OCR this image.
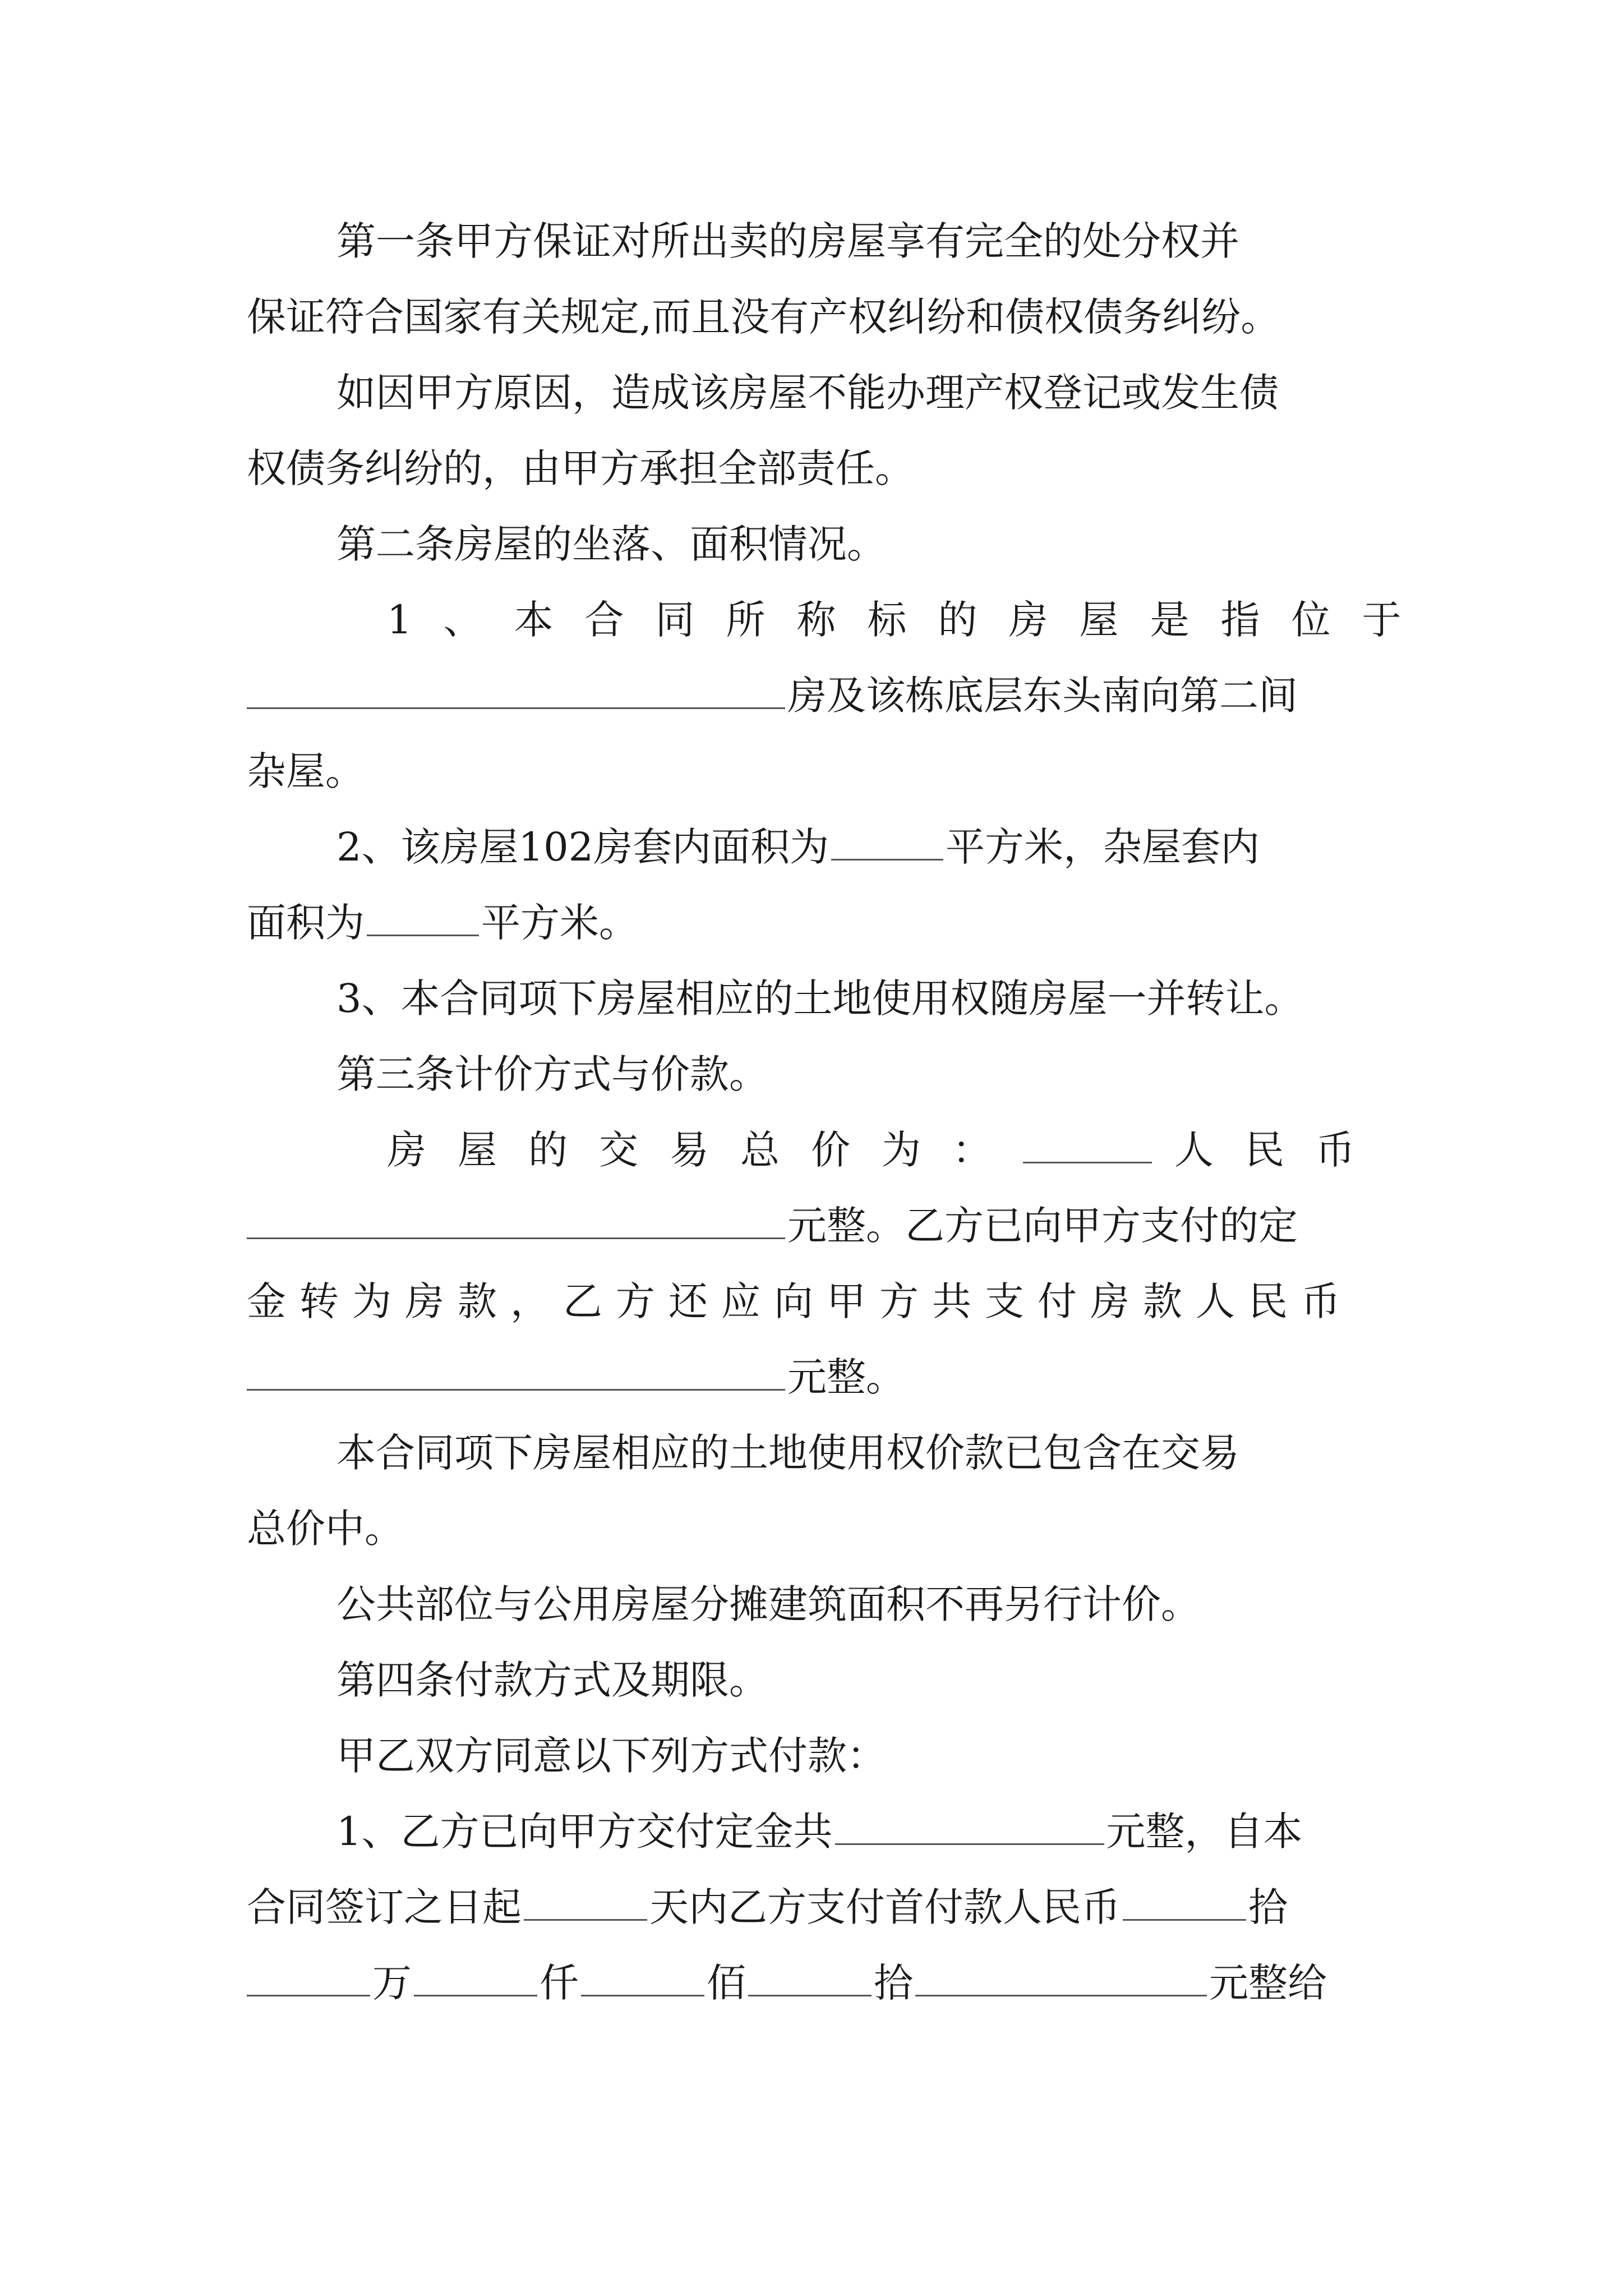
第一条甲方保证对所出卖的房屋享有完全的处分权并
保证符合国家有关规定,而且没有产权纠纷和债权债务纠纷。
如因甲方原因，造成该房屋不能办理产权登记或发生债
权债务纠纷的，由甲方承担全部责任。
第二条房屋的坐落、面积情况。
1、本合同所称标的房屋是指位于
房及该栋底层东头南向第二间
杂屋。
2、该房屋102房套内面积为	平方米，杂屋套内
面积为	平方米。
3、本合同项下房屋相应的土地使用权随房屋一并转让。
第三条计价方式与价款。
房屋的交易总价为：	人民币
元整。乙方已向甲方支付的定
金转为房款，乙方还应向甲方共支付房款人民币
元整。
本合同项下房屋相应的土地使用权价款已包含在交易
总价中。
公共部位与公用房屋分摊建筑面积不再另行计价。
第四条付款方式及期限。
甲乙双方同意以下列方式付款：
1、乙方已向甲方交付定金共	元整，自本
合同签订之日起	天内乙方支付首付款人民币	拾
万	仟	佰	拾	元整给
